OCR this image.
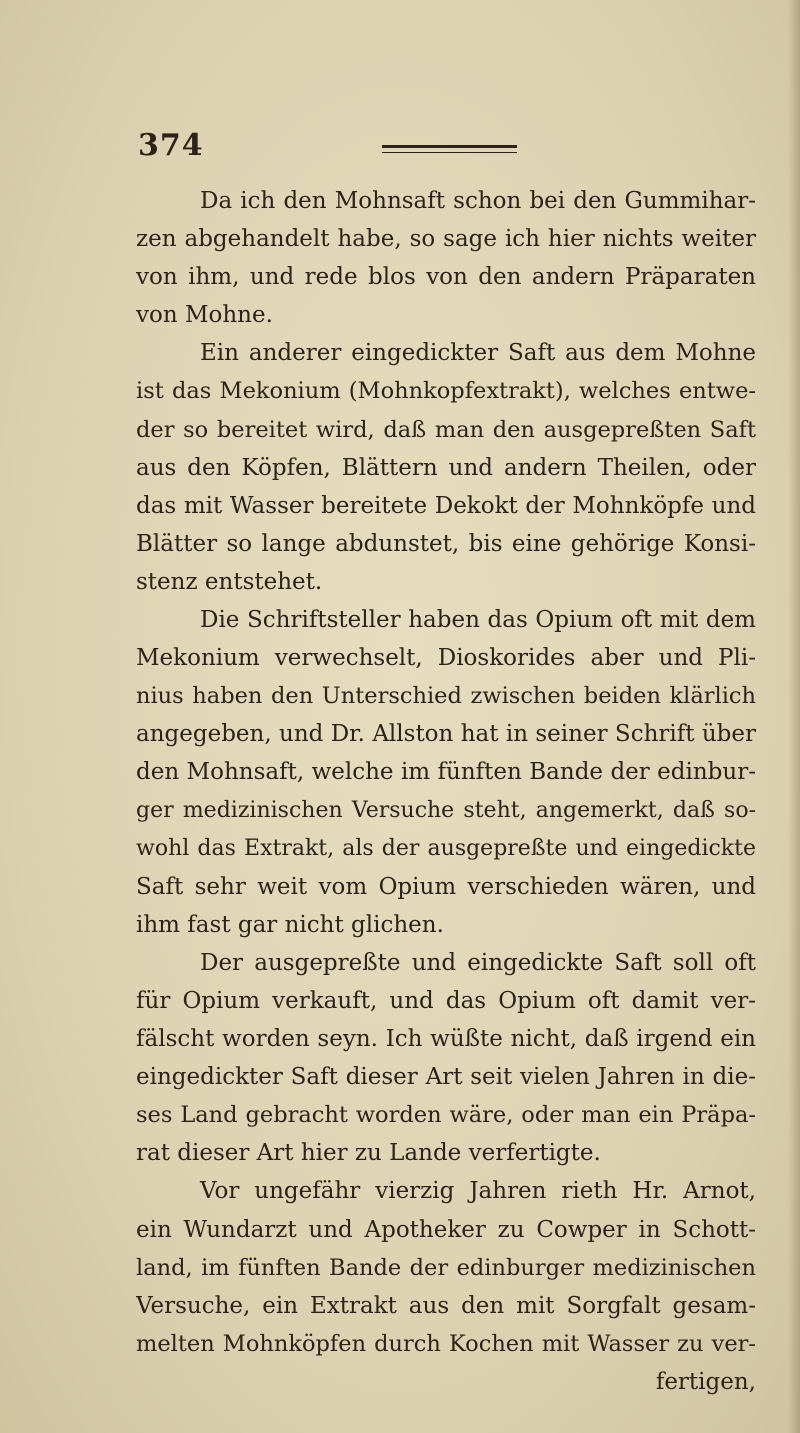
374
Da ich den Mohnsaft schon bei den Gummihar-
zen abgehandelt habe, so sage ich hier nichts weiter
von ihm, und rede blos von den andern Präparaten
von Mohne.
Ein anderer eingedickter Saft aus dem Mohne
ist das Mekonium (Mohnkopfextrakt), welches entwe-
der so bereitet wird, daß man den ausgepreßten Saft
aus den Köpfen, Blättern und andern Theilen, oder
das mit Wasser bereitete Dekokt der Mohnköpfe und
Blätter so lange abdunstet, bis eine gehörige Konsi-
stenz entstehet.
Die Schriftsteller haben das Opium oft mit dem
Mekonium verwechselt, Dioskorides aber und Pli-
nius haben den Unterschied zwischen beiden klärlich
angegeben, und Dr. Allston hat in seiner Schrift über
den Mohnsaft, welche im fünften Bande der edinbur-
ger medizinischen Versuche steht, angemerkt, daß so-
wohl das Extrakt, als der ausgepreßte und eingedickte
Saft sehr weit vom Opium verschieden wären, und
ihm fast gar nicht glichen.
Der ausgepreßte und eingedickte Saft soll oft
für Opium verkauft, und das Opium oft damit ver-
fälscht worden seyn. Ich wüßte nicht, daß irgend ein
eingedickter Saft dieser Art seit vielen Jahren in die-
ses Land gebracht worden wäre, oder man ein Präpa-
rat dieser Art hier zu Lande verfertigte.
Vor ungefähr vierzig Jahren rieth Hr. Arnot,
ein Wundarzt und Apotheker zu Cowper in Schott-
land, im fünften Bande der edinburger medizinischen
Versuche, ein Extrakt aus den mit Sorgfalt gesam-
melten Mohnköpfen durch Kochen mit Wasser zu ver-
fertigen,
